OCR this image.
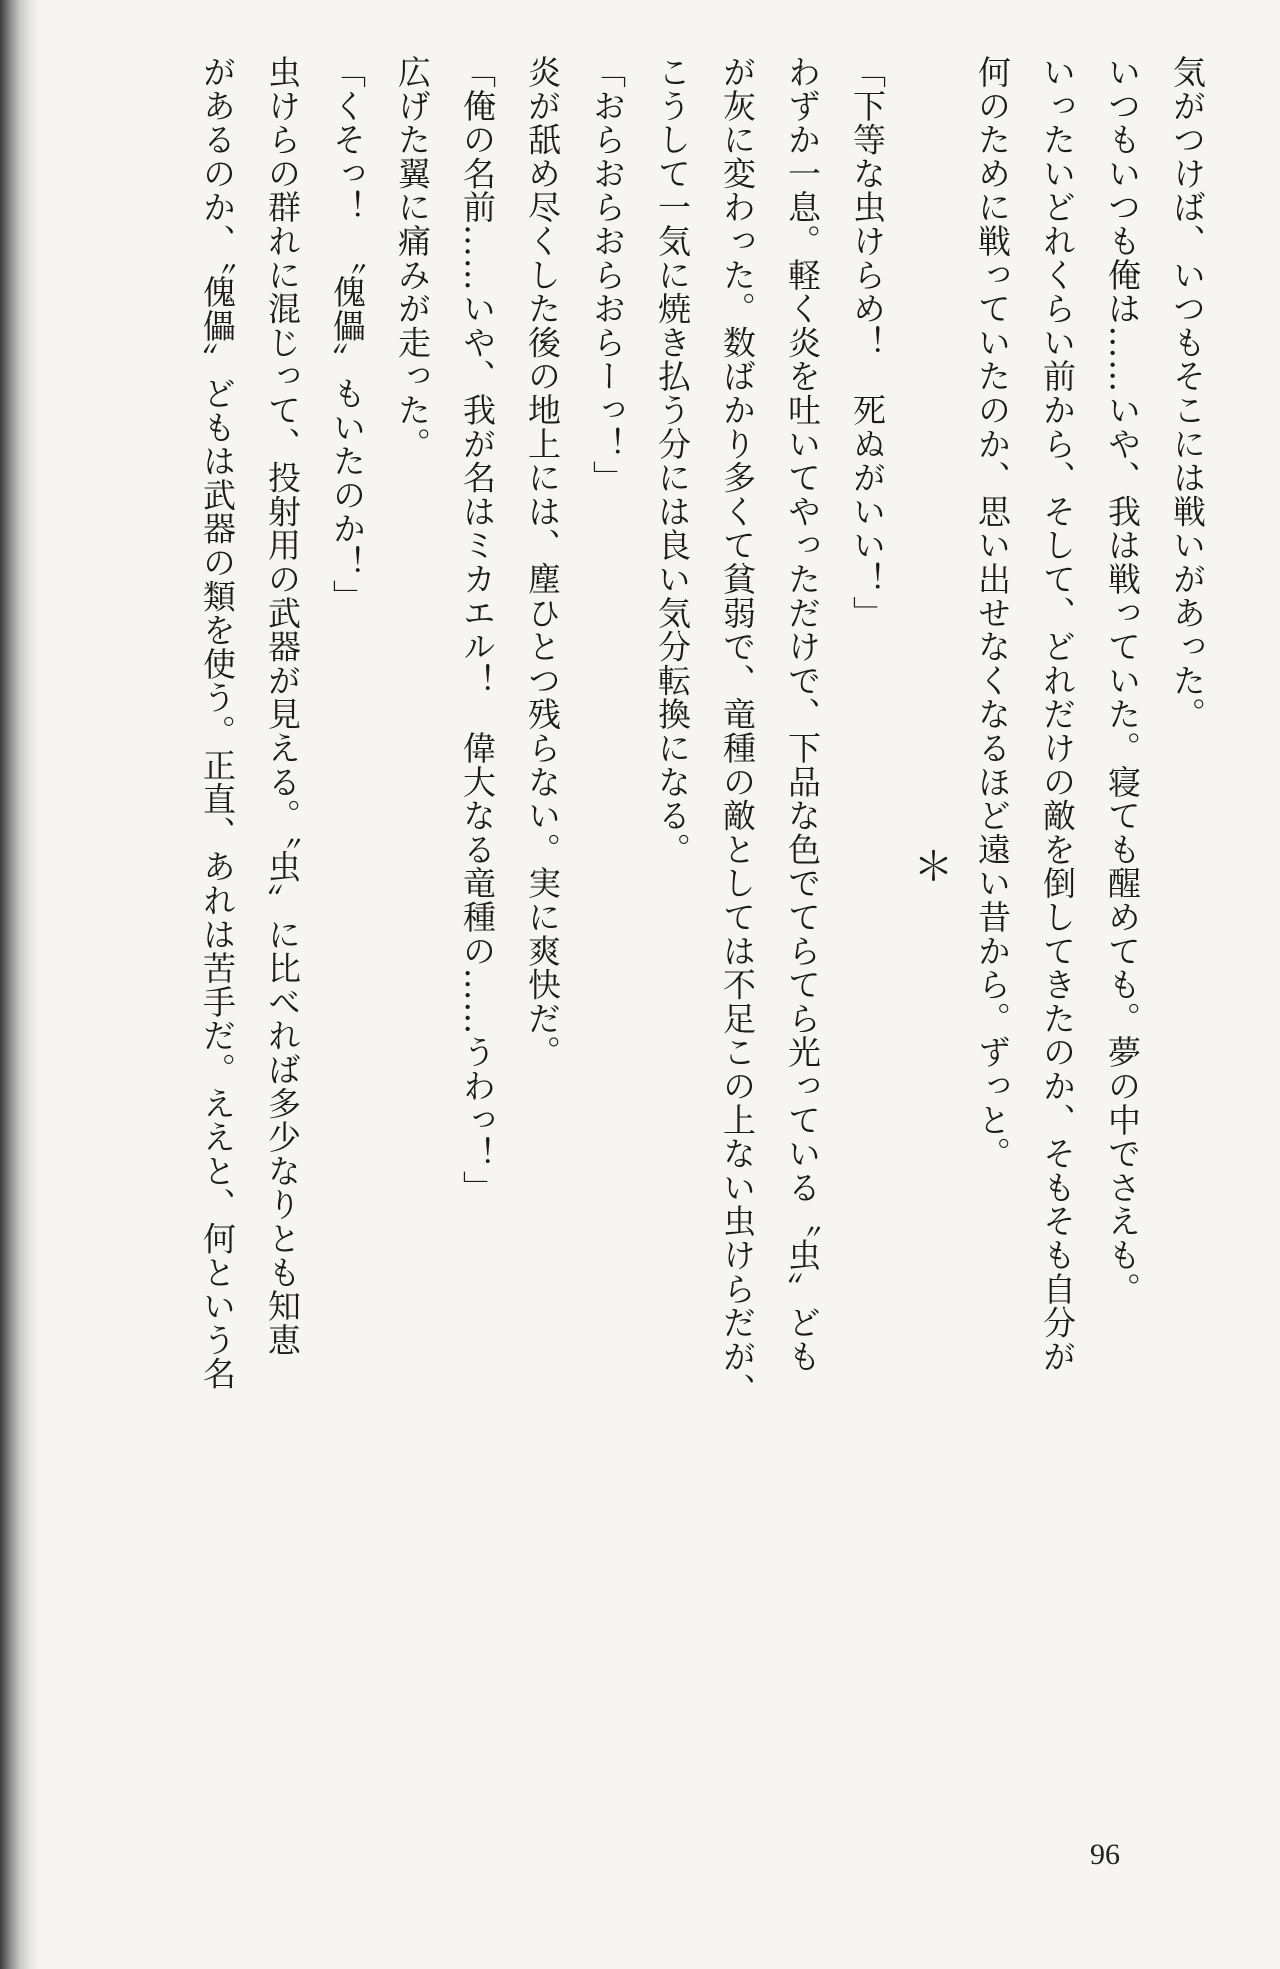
気がつけば、いつもそこには戦いがあった。
いつもいつも俺は……いや、我は戦っていた。寝ても醒めても。夢の中でさえも。
いったいどれくらい前から、そして、どれだけの敵を倒してきたのか、そもそも自分が
何のために戦っていたのか、思い出せなくなるほど遠い昔から。ずっと。
＊
「下等な虫けらめ！　死ぬがいい！」
わずか一息。軽く炎を吐いてやっただけで、下品な色でてらてら光っている〝虫〟ども
が灰に変わった。数ばかり多くて貧弱で、竜種の敵としては不足この上ない虫けらだが、
こうして一気に焼き払う分には良い気分転換になる。
「おらおらおらおらーっ！」
炎が舐め尽くした後の地上には、塵ひとつ残らない。実に爽快だ。
「俺の名前……いや、我が名はミカエル！　偉大なる竜種の……うわっ！」
広げた翼に痛みが走った。
「くそっ！　〝傀儡〟もいたのか！」
虫けらの群れに混じって、投射用の武器が見える。〝虫〟に比べれば多少なりとも知恵
があるのか、〝傀儡〟どもは武器の類を使う。正直、あれは苦手だ。ええと、何という名
96
